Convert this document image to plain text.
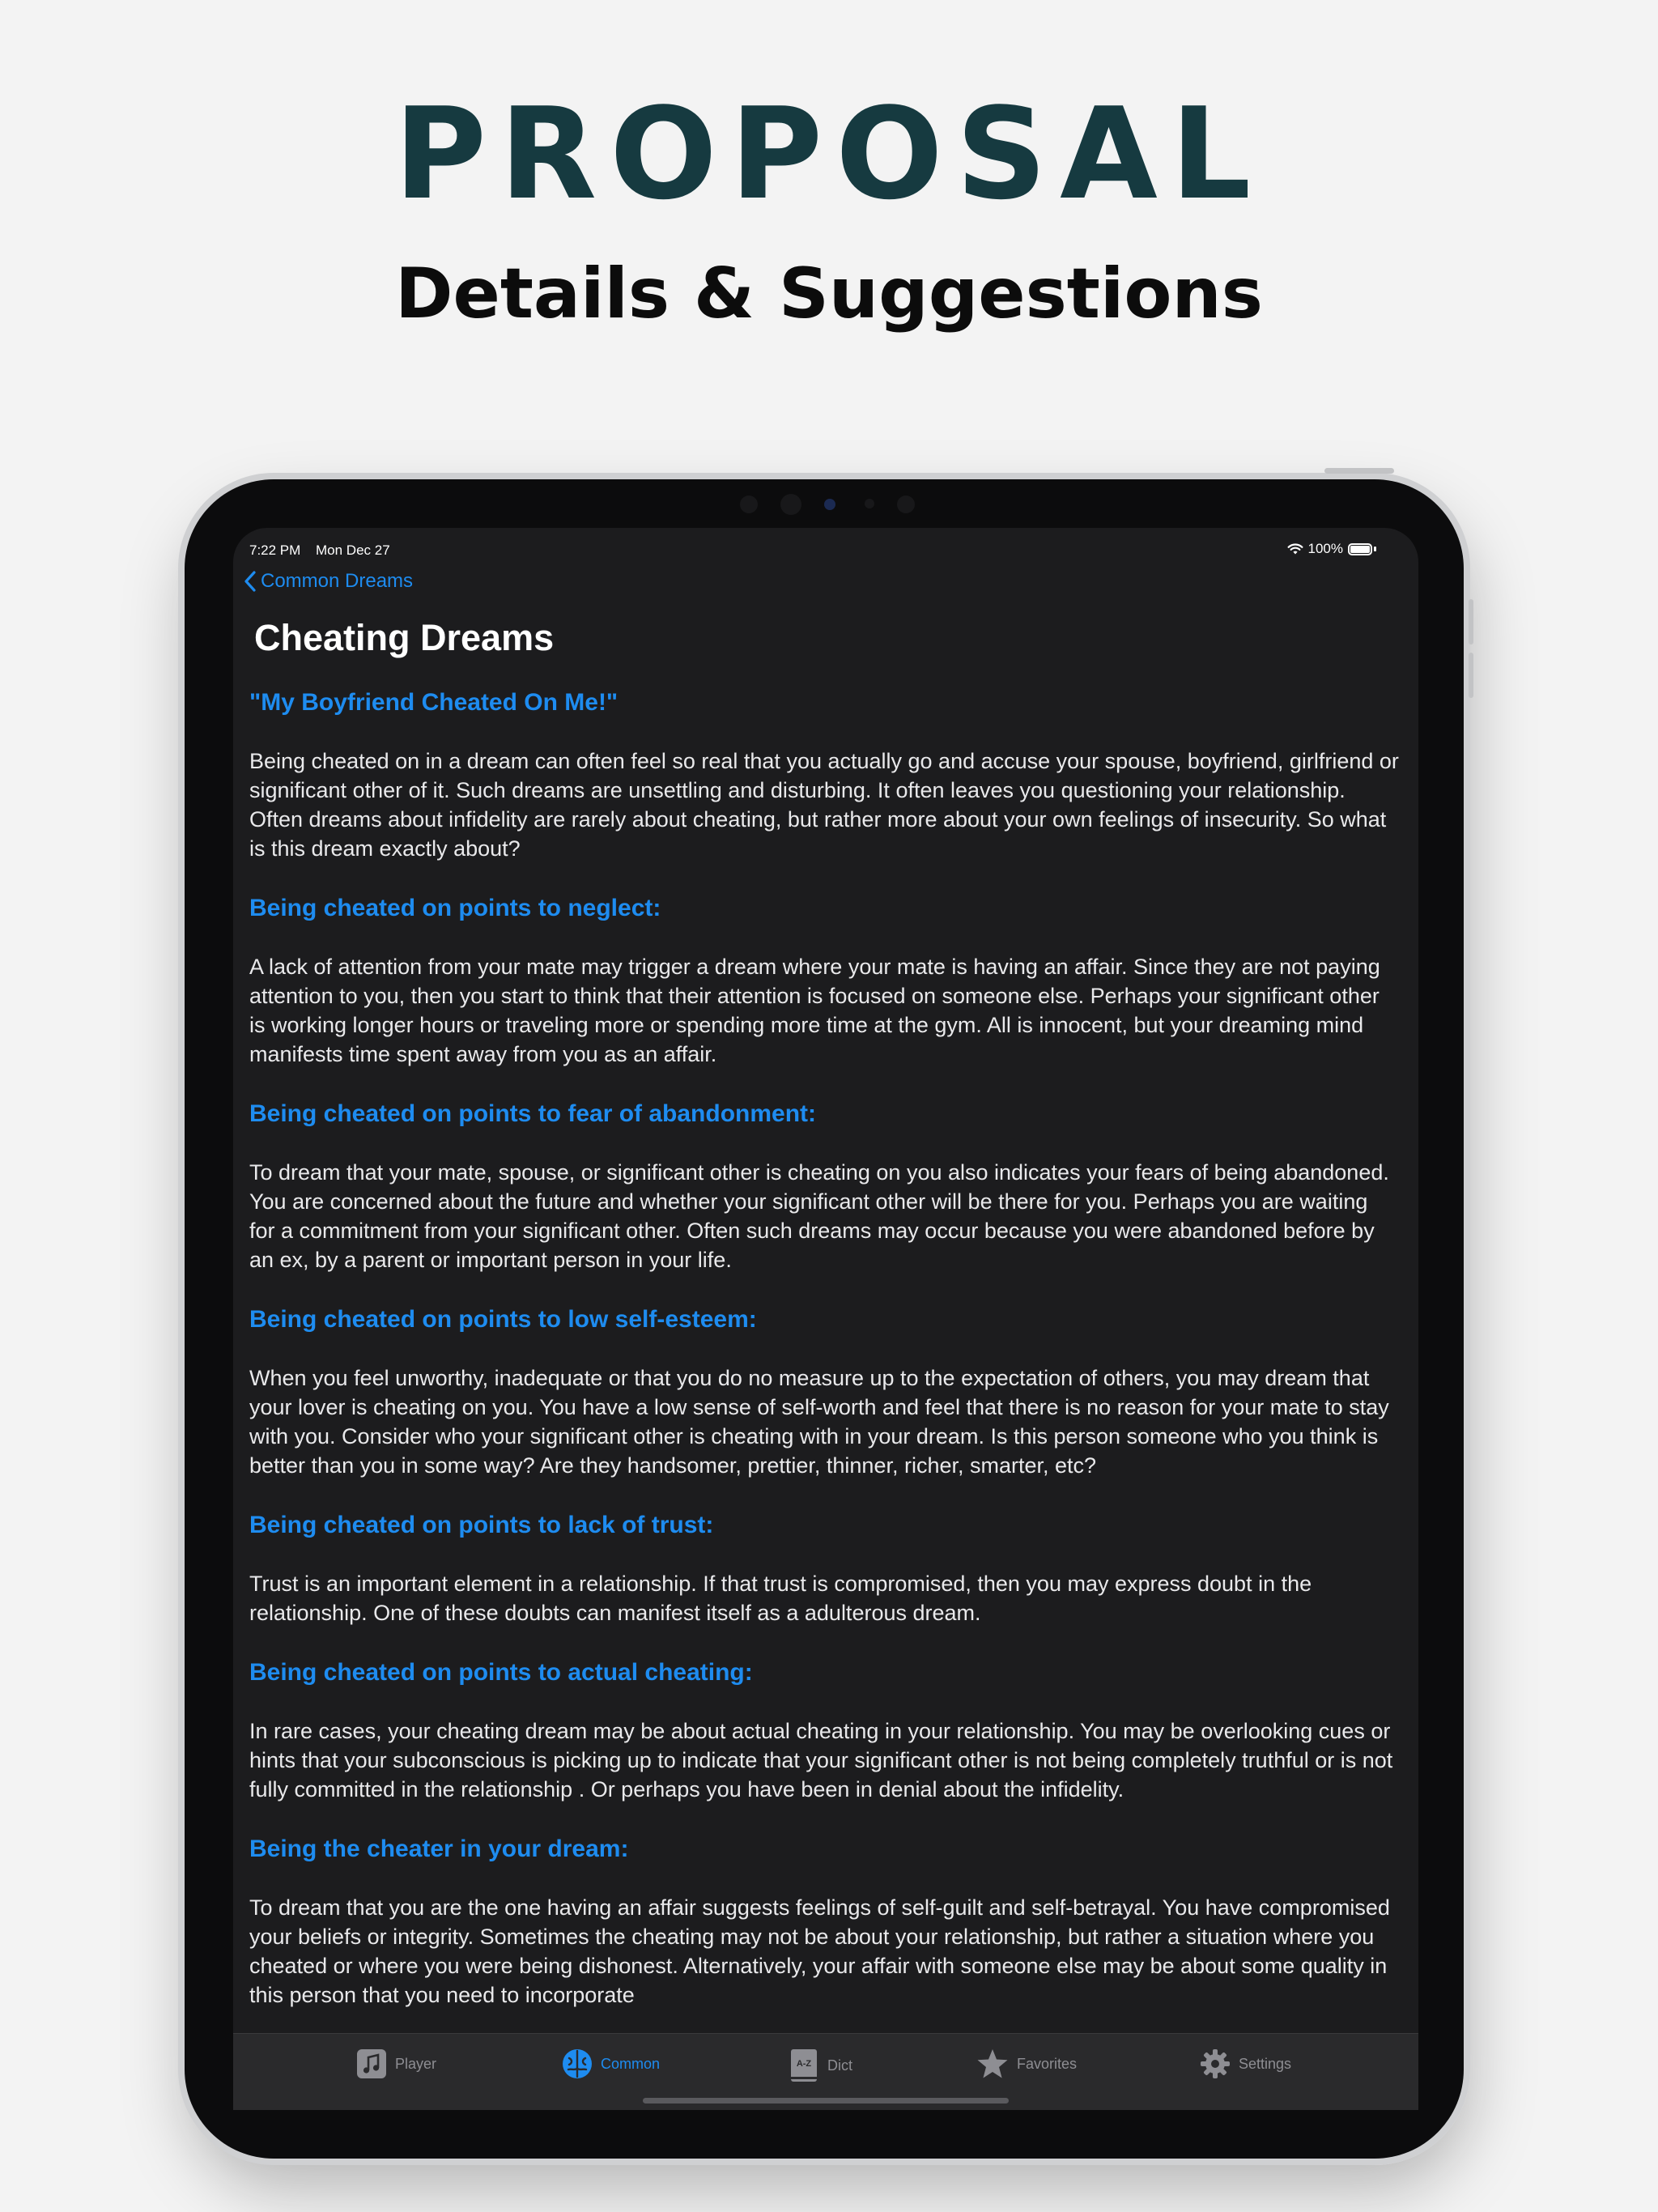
PROPOSAL
Details & Suggestions
7:22 PM Mon Dec 27	100%
Common Dreams
Cheating Dreams
"My Boyfriend Cheated On Me!"

Being cheated on in a dream can often feel so real that you actually go and accuse your spouse, boyfriend, girlfriend or significant other of it. Such dreams are unsettling and disturbing. It often leaves you questioning your relationship. Often dreams about infidelity are rarely about cheating, but rather more about your own feelings of insecurity. So what is this dream exactly about?

Being cheated on points to neglect:

A lack of attention from your mate may trigger a dream where your mate is having an affair. Since they are not paying attention to you, then you start to think that their attention is focused on someone else. Perhaps your significant other is working longer hours or traveling more or spending more time at the gym. All is innocent, but your dreaming mind manifests time spent away from you as an affair.

Being cheated on points to fear of abandonment:

To dream that your mate, spouse, or significant other is cheating on you also indicates your fears of being abandoned. You are concerned about the future and whether your significant other will be there for you. Perhaps you are waiting for a commitment from your significant other. Often such dreams may occur because you were abandoned before by an ex, by a parent or important person in your life.

Being cheated on points to low self-esteem:

When you feel unworthy, inadequate or that you do no measure up to the expectation of others, you may dream that your lover is cheating on you. You have a low sense of self-worth and feel that there is no reason for your mate to stay with you. Consider who your significant other is cheating with in your dream. Is this person someone who you think is better than you in some way? Are they handsomer, prettier, thinner, richer, smarter, etc?

Being cheated on points to lack of trust:

Trust is an important element in a relationship. If that trust is compromised, then you may express doubt in the relationship. One of these doubts can manifest itself as a adulterous dream.

Being cheated on points to actual cheating:

In rare cases, your cheating dream may be about actual cheating in your relationship. You may be overlooking cues or hints that your subconscious is picking up to indicate that your significant other is not being completely truthful or is not fully committed in the relationship . Or perhaps you have been in denial about the infidelity.

Being the cheater in your dream:

To dream that you are the one having an affair suggests feelings of self-guilt and self-betrayal. You have compromised your beliefs or integrity. Sometimes the cheating may not be about your relationship, but rather a situation where you cheated or where you were being dishonest. Alternatively, your affair with someone else may be about some quality in this person that you need to incorporate

Player	Common	A-Z Dict	Favorites	Settings
